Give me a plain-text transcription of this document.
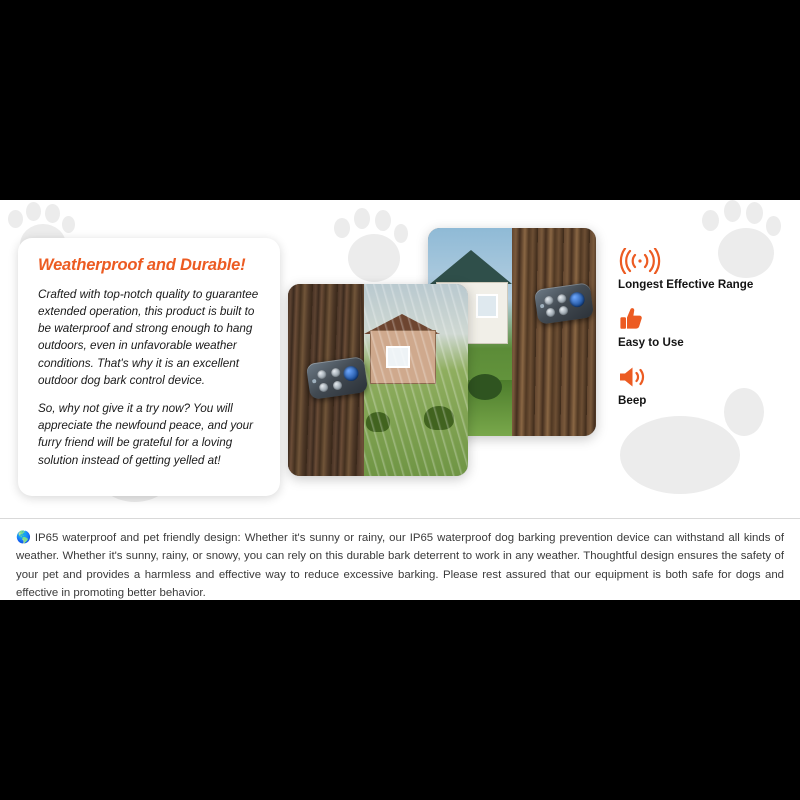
Weatherproof and Durable!

Crafted with top-notch quality to guarantee extended operation, this product is built to be waterproof and strong enough to hang outdoors, even in unfavorable weather conditions. That's why it is an excellent outdoor dog bark control device.

So, why not give it a try now? You will appreciate the newfound peace, and your furry friend will be grateful for a loving solution instead of getting yelled at!

Longest Effective Range
Easy to Use
Beep

🌎 IP65 waterproof and pet friendly design: Whether it's sunny or rainy, our IP65 waterproof dog barking prevention device can withstand all kinds of weather. Whether it's sunny, rainy, or snowy, you can rely on this durable bark deterrent to work in any weather. Thoughtful design ensures the safety of your pet and provides a harmless and effective way to reduce excessive barking. Please rest assured that our equipment is both safe for dogs and effective in promoting better behavior.
